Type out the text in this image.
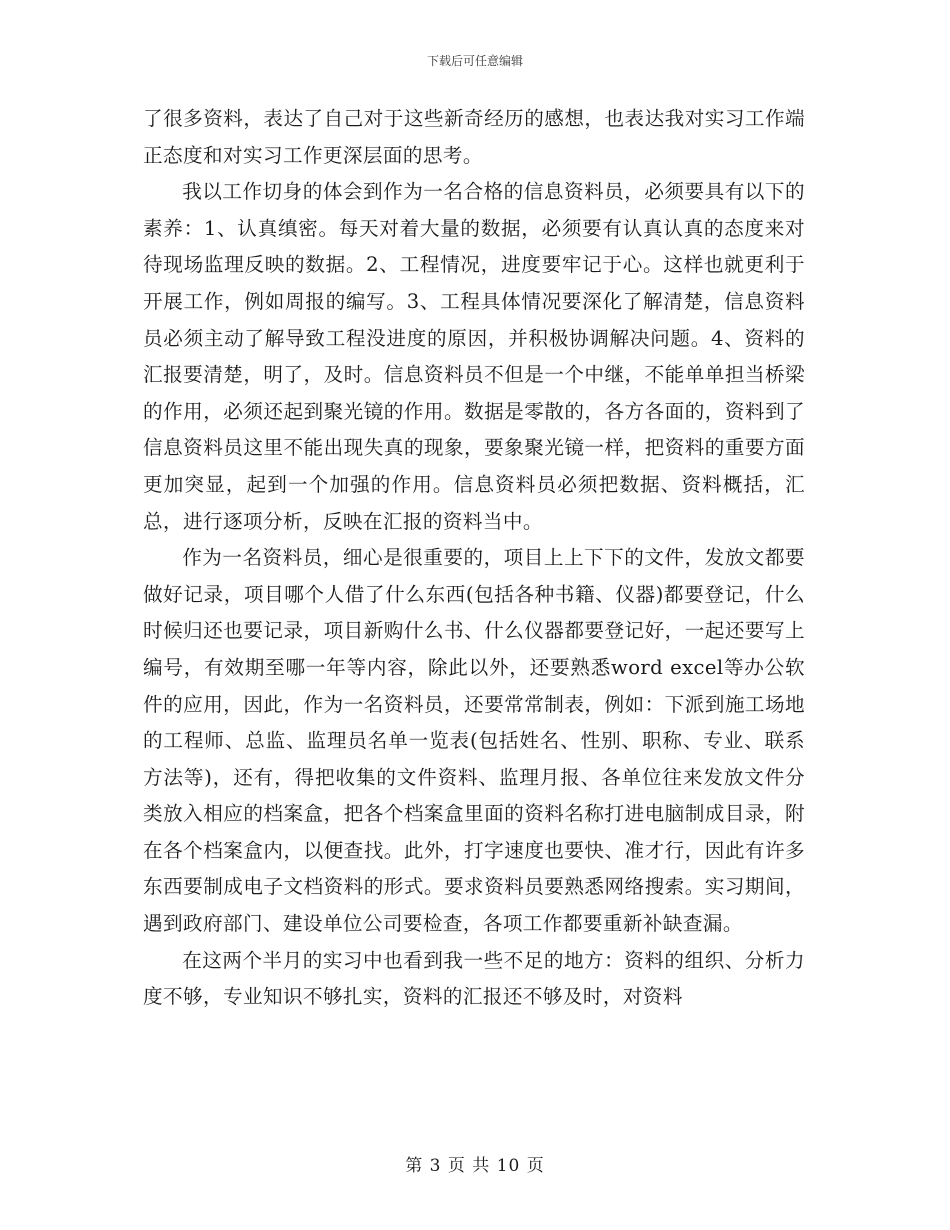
下载后可任意编辑

了很多资料，表达了自己对于这些新奇经历的感想，也表达我对实习工作端正态度和对实习工作更深层面的思考。

我以工作切身的体会到作为一名合格的信息资料员，必须要具有以下的素养：1、认真缜密。每天对着大量的数据，必须要有认真认真的态度来对待现场监理反映的数据。2、工程情况，进度要牢记于心。这样也就更利于开展工作，例如周报的编写。3、工程具体情况要深化了解清楚，信息资料员必须主动了解导致工程没进度的原因，并积极协调解决问题。4、资料的汇报要清楚，明了，及时。信息资料员不但是一个中继，不能单单担当桥梁的作用，必须还起到聚光镜的作用。数据是零散的，各方各面的，资料到了信息资料员这里不能出现失真的现象，要象聚光镜一样，把资料的重要方面更加突显，起到一个加强的作用。信息资料员必须把数据、资料概括，汇总，进行逐项分析，反映在汇报的资料当中。

作为一名资料员，细心是很重要的，项目上上下下的文件，发放文都要做好记录，项目哪个人借了什么东西(包括各种书籍、仪器)都要登记，什么时候归还也要记录，项目新购什么书、什么仪器都要登记好，一起还要写上编号，有效期至哪一年等内容，除此以外，还要熟悉word excel等办公软件的应用，因此，作为一名资料员，还要常常制表，例如：下派到施工场地的工程师、总监、监理员名单一览表(包括姓名、性别、职称、专业、联系方法等)，还有，得把收集的文件资料、监理月报、各单位往来发放文件分类放入相应的档案盒，把各个档案盒里面的资料名称打进电脑制成目录，附在各个档案盒内，以便查找。此外，打字速度也要快、准才行，因此有许多东西要制成电子文档资料的形式。要求资料员要熟悉网络搜索。实习期间，遇到政府部门、建设单位公司要检查，各项工作都要重新补缺查漏。

在这两个半月的实习中也看到我一些不足的地方：资料的组织、分析力度不够，专业知识不够扎实，资料的汇报还不够及时，对资料

第 3 页 共 10 页
